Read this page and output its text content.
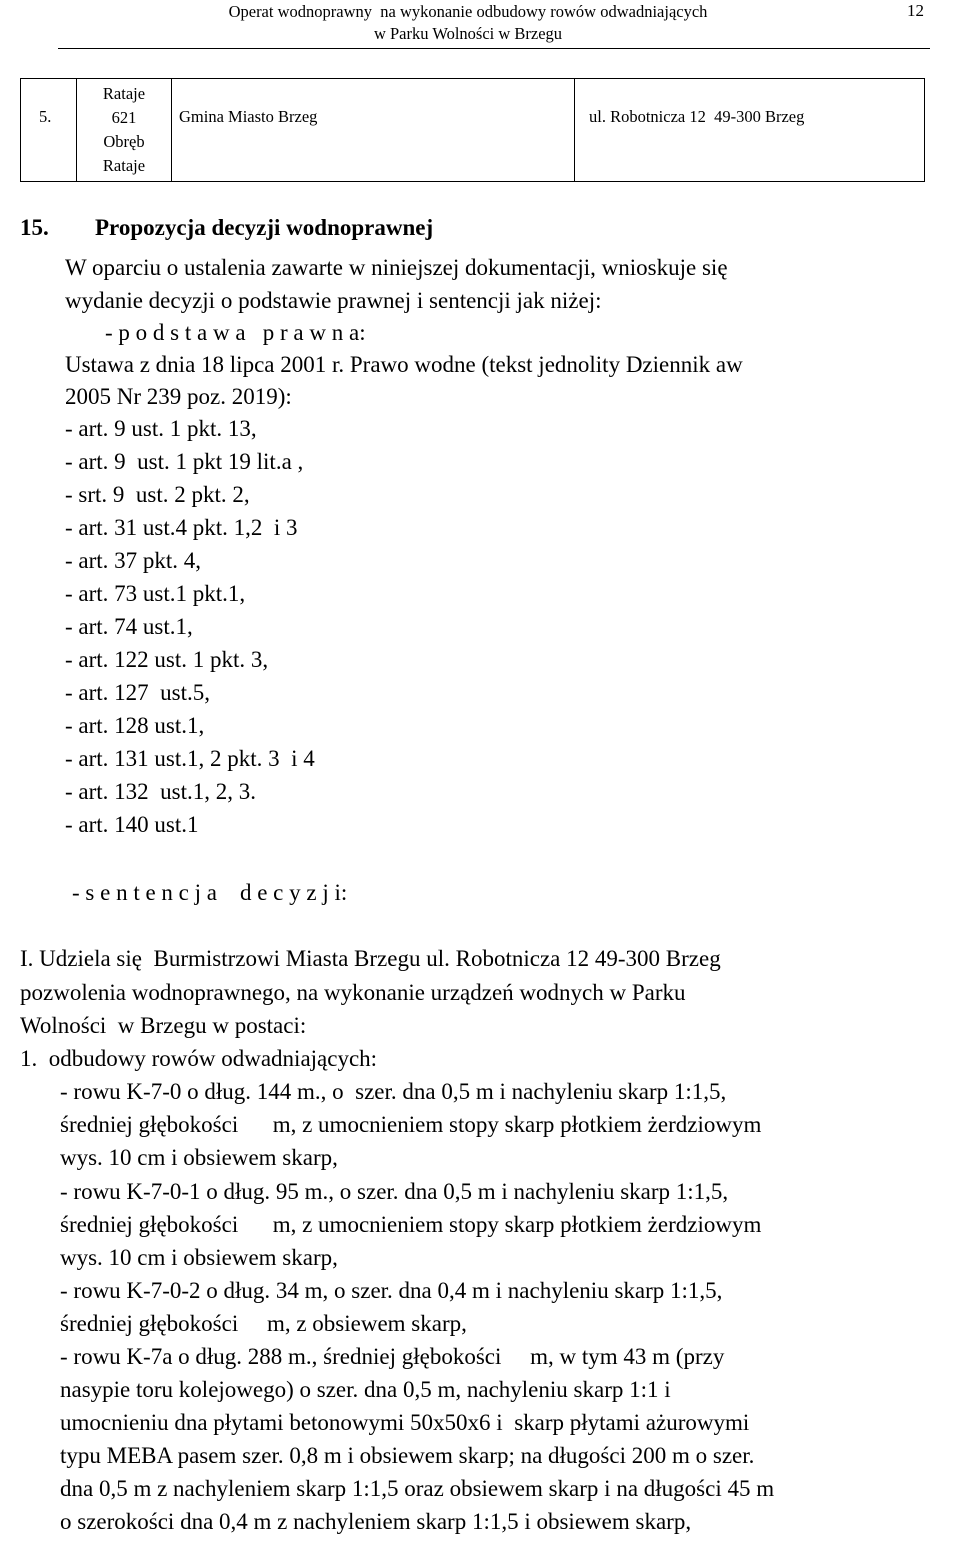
Operat wodnoprawny  na wykonanie odbudowy rowów odwadniających
w Parku Wolności w Brzegu
12
5.
Rataje
621
Obręb
Rataje
Gmina Miasto Brzeg	ul. Robotnicza 12  49-300 Brzeg
15. Propozycja decyzji wodnoprawnej
W oparciu o ustalenia zawarte w niniejszej dokumentacji, wnioskuje się
wydanie decyzji o podstawie prawnej i sentencji jak niżej:
- p o d s t a w a   p r a w n a:
Ustawa z dnia 18 lipca 2001 r. Prawo wodne (tekst jednolity Dziennik aw
2005 Nr 239 poz. 2019):
- art. 9 ust. 1 pkt. 13,
- art. 9  ust. 1 pkt 19 lit.a ,
- srt. 9  ust. 2 pkt. 2,
- art. 31 ust.4 pkt. 1,2  i 3
- art. 37 pkt. 4,
- art. 73 ust.1 pkt.1,
- art. 74 ust.1,
- art. 122 ust. 1 pkt. 3,
- art. 127  ust.5,
- art. 128 ust.1,
- art. 131 ust.1, 2 pkt. 3  i 4
- art. 132  ust.1, 2, 3.
- art. 140 ust.1
- s e n t e n c j a    d e c y z j i:
I. Udziela się  Burmistrzowi Miasta Brzegu ul. Robotnicza 12 49-300 Brzeg
pozwolenia wodnoprawnego, na wykonanie urządzeń wodnych w Parku
Wolności  w Brzegu w postaci:
1.  odbudowy rowów odwadniających:
- rowu K-7-0 o dług. 144 m., o  szer. dna 0,5 m i nachyleniu skarp 1:1,5,
średniej głębokości      m, z umocnieniem stopy skarp płotkiem żerdziowym
wys. 10 cm i obsiewem skarp,
- rowu K-7-0-1 o dług. 95 m., o szer. dna 0,5 m i nachyleniu skarp 1:1,5,
średniej głębokości      m, z umocnieniem stopy skarp płotkiem żerdziowym
wys. 10 cm i obsiewem skarp,
- rowu K-7-0-2 o dług. 34 m, o szer. dna 0,4 m i nachyleniu skarp 1:1,5,
średniej głębokości     m, z obsiewem skarp,
- rowu K-7a o dług. 288 m., średniej głębokości     m, w tym 43 m (przy
nasypie toru kolejowego) o szer. dna 0,5 m, nachyleniu skarp 1:1 i
umocnieniu dna płytami betonowymi 50x50x6 i  skarp płytami ażurowymi
typu MEBA pasem szer. 0,8 m i obsiewem skarp; na długości 200 m o szer.
dna 0,5 m z nachyleniem skarp 1:1,5 oraz obsiewem skarp i na długości 45 m
o szerokości dna 0,4 m z nachyleniem skarp 1:1,5 i obsiewem skarp,
